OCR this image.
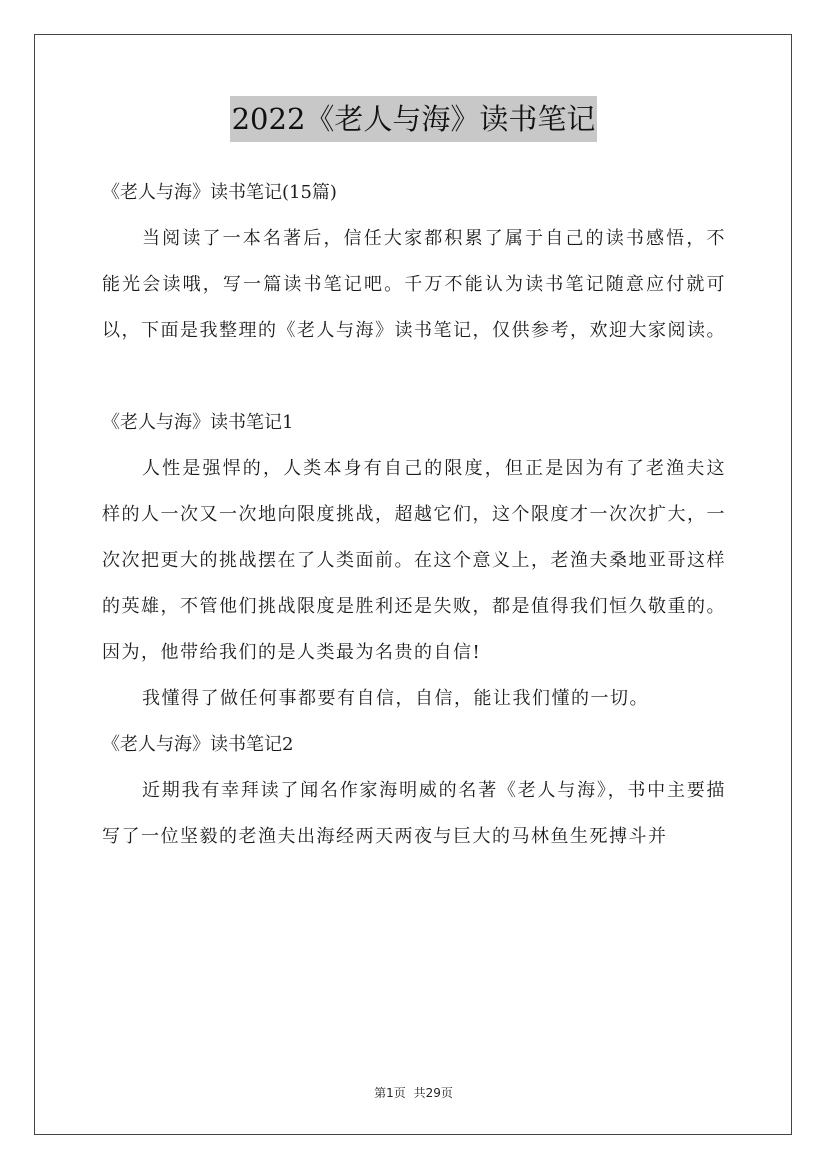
2022《老人与海》读书笔记

《老人与海》读书笔记(15篇)

当阅读了一本名著后，信任大家都积累了属于自己的读书感悟，不能光会读哦，写一篇读书笔记吧。千万不能认为读书笔记随意应付就可以，下面是我整理的《老人与海》读书笔记，仅供参考，欢迎大家阅读。

《老人与海》读书笔记1

人性是强悍的，人类本身有自己的限度，但正是因为有了老渔夫这样的人一次又一次地向限度挑战，超越它们，这个限度才一次次扩大，一次次把更大的挑战摆在了人类面前。在这个意义上，老渔夫桑地亚哥这样的英雄，不管他们挑战限度是胜利还是失败，都是值得我们恒久敬重的。因为，他带给我们的是人类最为名贵的自信!

我懂得了做任何事都要有自信，自信，能让我们懂的一切。

《老人与海》读书笔记2

近期我有幸拜读了闻名作家海明威的名著《老人与海》，书中主要描写了一位坚毅的老渔夫出海经两天两夜与巨大的马林鱼生死搏斗并

第1页 共29页
